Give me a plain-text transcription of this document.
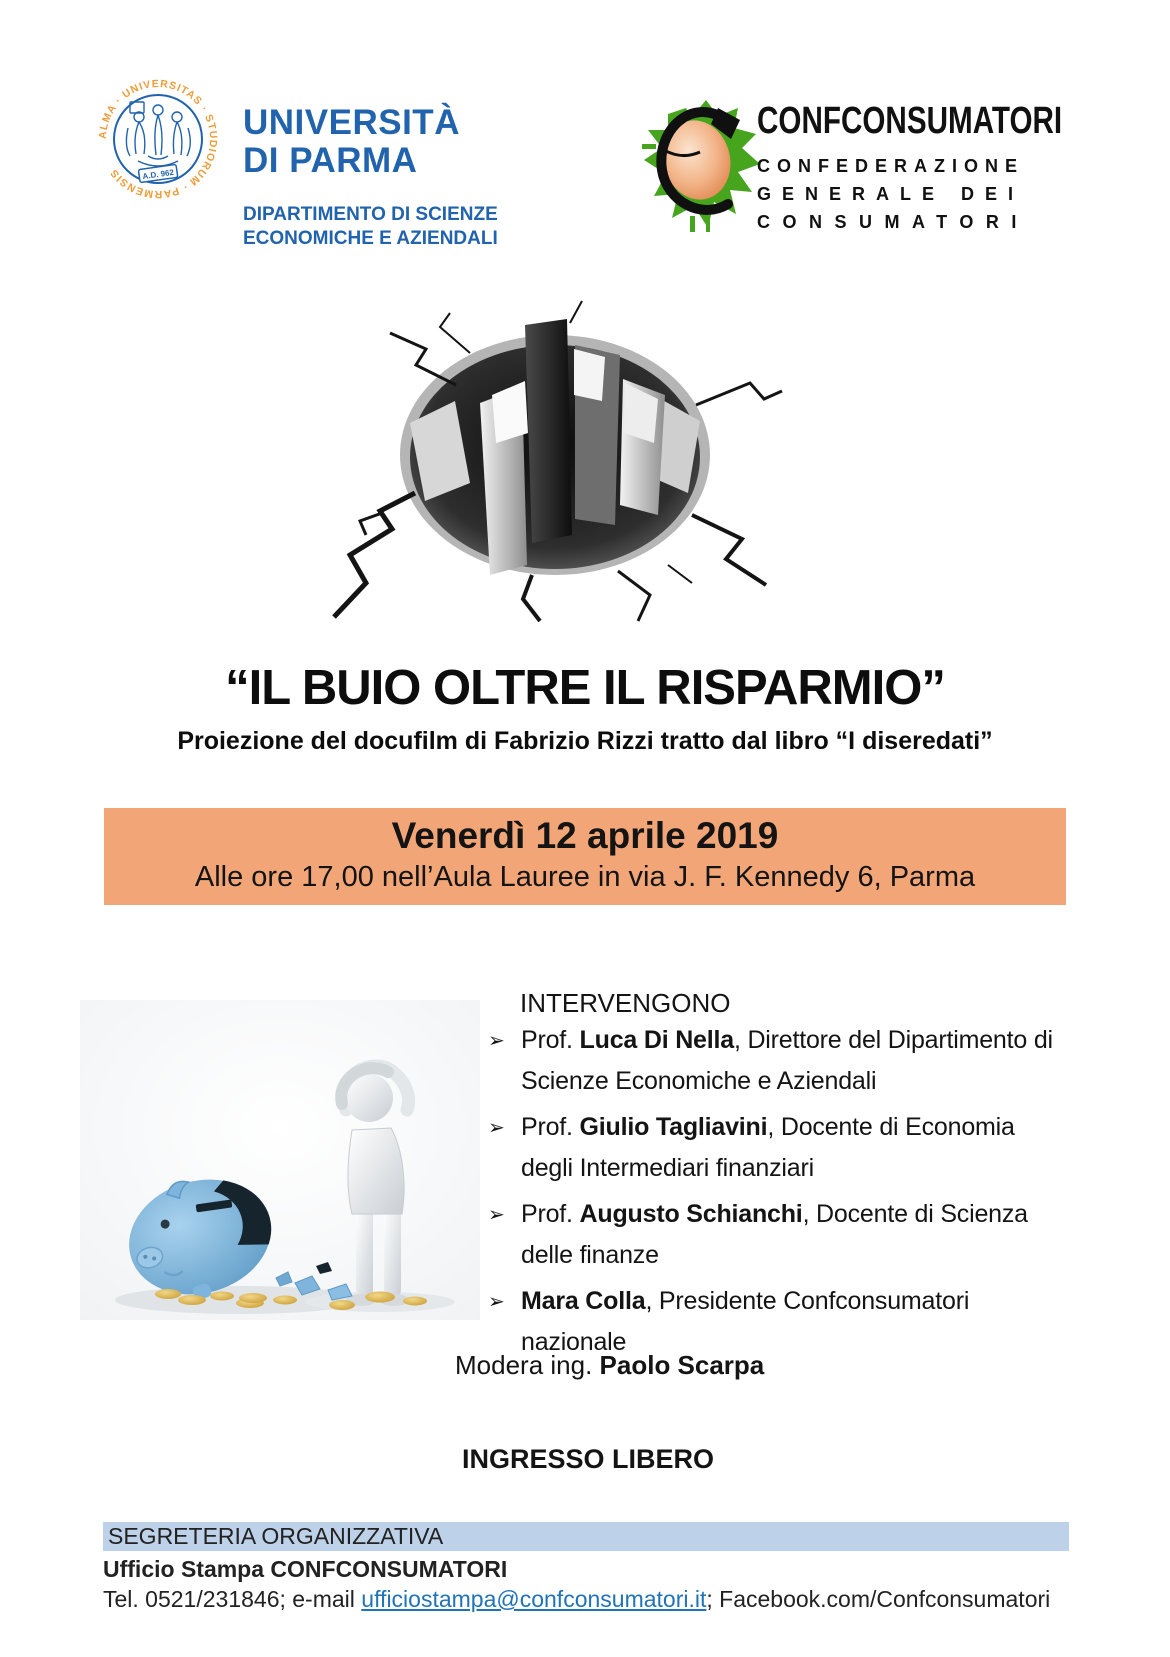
A.D. 962
ALMA · UNIVERSITAS · STUDIORUM · PARMENSIS
UNIVERSITÀ
DI PARMA
DIPARTIMENTO DI SCIENZE
ECONOMICHE E AZIENDALI
CONFCONSUMATORI
CONFEDERAZIONE
GENERALE DEI
CONSUMATORI
“IL BUIO OLTRE IL RISPARMIO”
Proiezione del docufilm di Fabrizio Rizzi tratto dal libro “I diseredati”
Venerdì 12 aprile 2019
Alle ore 17,00 nell’Aula Lauree in via J. F. Kennedy 6, Parma
INTERVENGONO
➢ Prof. Luca Di Nella, Direttore del Dipartimento di Scienze Economiche e Aziendali
➢ Prof. Giulio Tagliavini, Docente di Economia degli Intermediari finanziari
➢ Prof. Augusto Schianchi, Docente di Scienza delle finanze
➢ Mara Colla, Presidente Confconsumatori nazionale
Modera ing. Paolo Scarpa
INGRESSO LIBERO
SEGRETERIA ORGANIZZATIVA
Ufficio Stampa CONFCONSUMATORI
Tel. 0521/231846; e-mail ufficiostampa@confconsumatori.it; Facebook.com/Confconsumatori
